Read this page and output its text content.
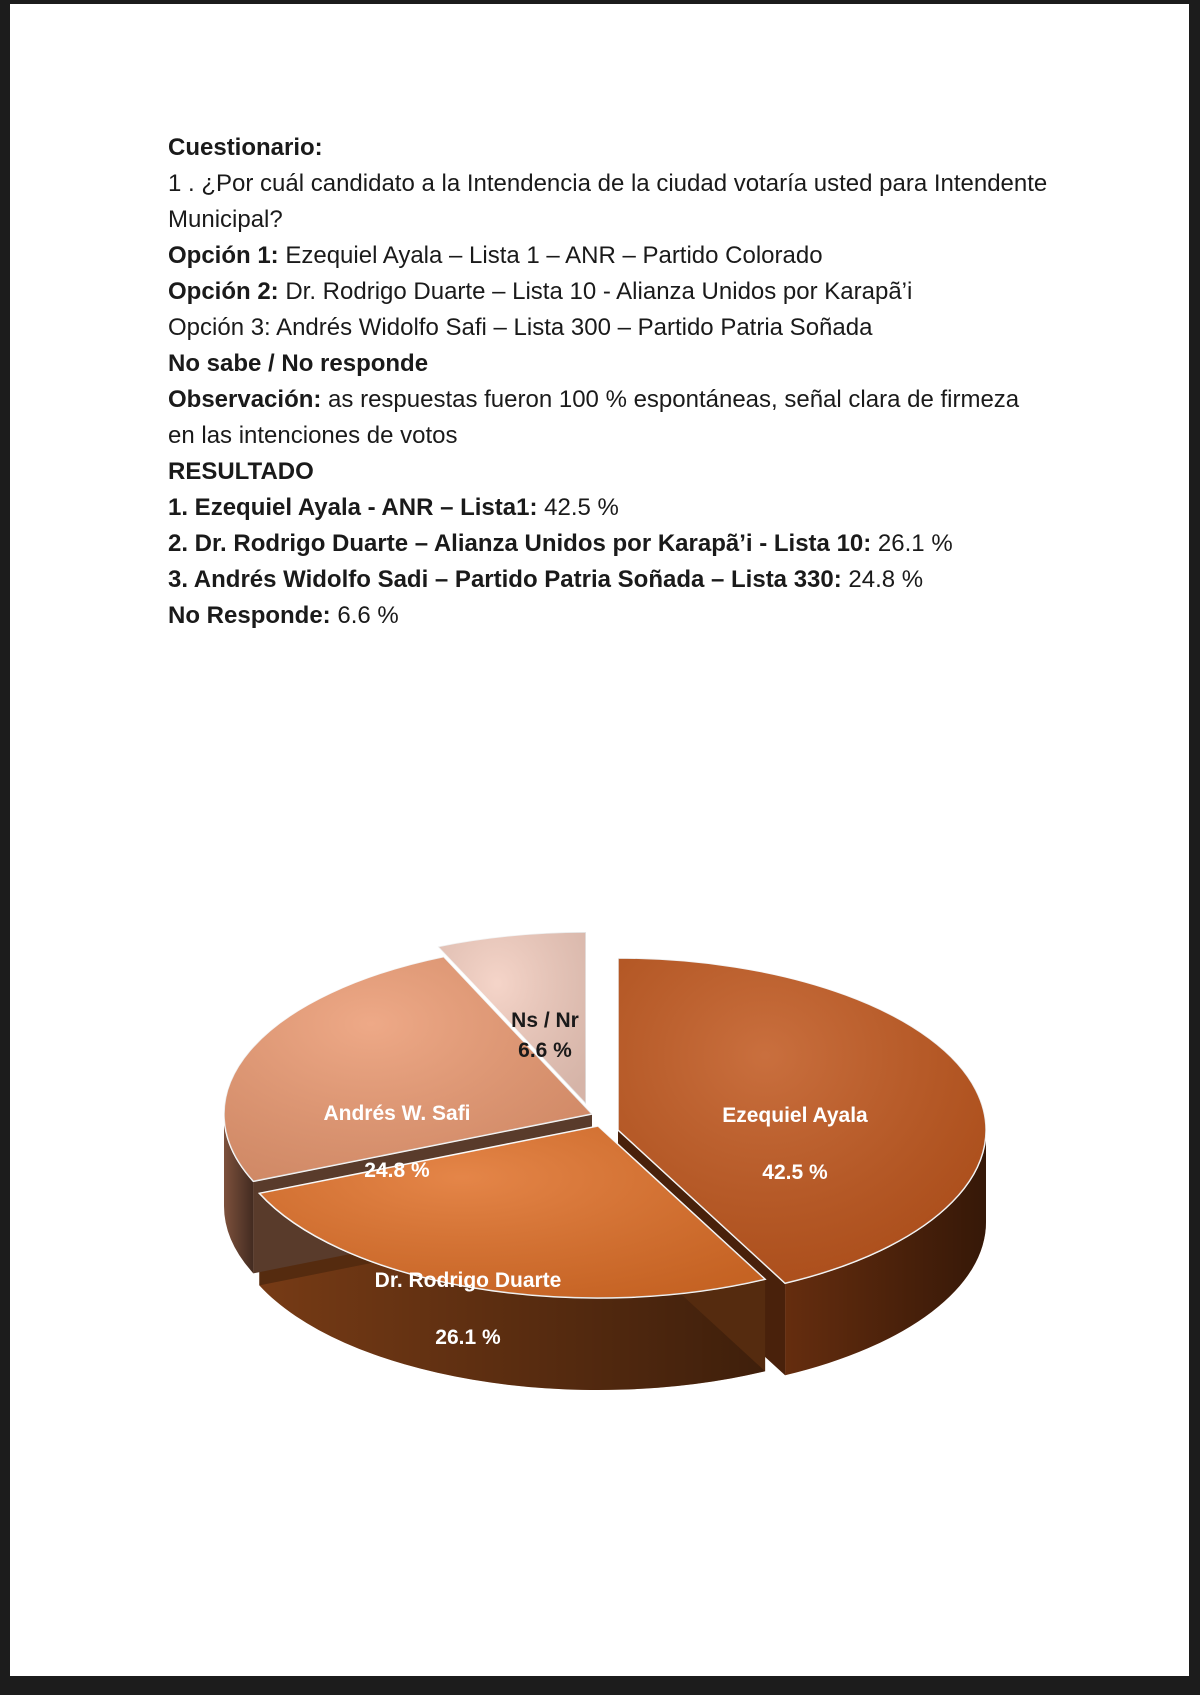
Cuestionario:

1 . ¿Por cuál candidato a la Intendencia de la ciudad votaría usted para Intendente Municipal?

Opción 1: Ezequiel Ayala – Lista 1 – ANR – Partido Colorado

Opción 2: Dr. Rodrigo Duarte – Lista 10 - Alianza Unidos por Karapã’i

Opción 3: Andrés Widolfo Safi – Lista 300 – Partido Patria Soñada

No sabe / No responde

Observación: as respuestas fueron 100 % espontáneas, señal clara de firmeza en las intenciones de votos

RESULTADO

1. Ezequiel Ayala - ANR – Lista1: 42.5 %

2. Dr. Rodrigo Duarte – Alianza Unidos por Karapã’i - Lista 10: 26.1 %

3. Andrés Widolfo Sadi – Partido Patria Soñada – Lista 330: 24.8 %

No Responde: 6.6 %

Ezequiel Ayala
42.5 %
Dr. Rodrigo Duarte
26.1 %
Andrés W. Safi
24.8 %
Ns / Nr
6.6 %
